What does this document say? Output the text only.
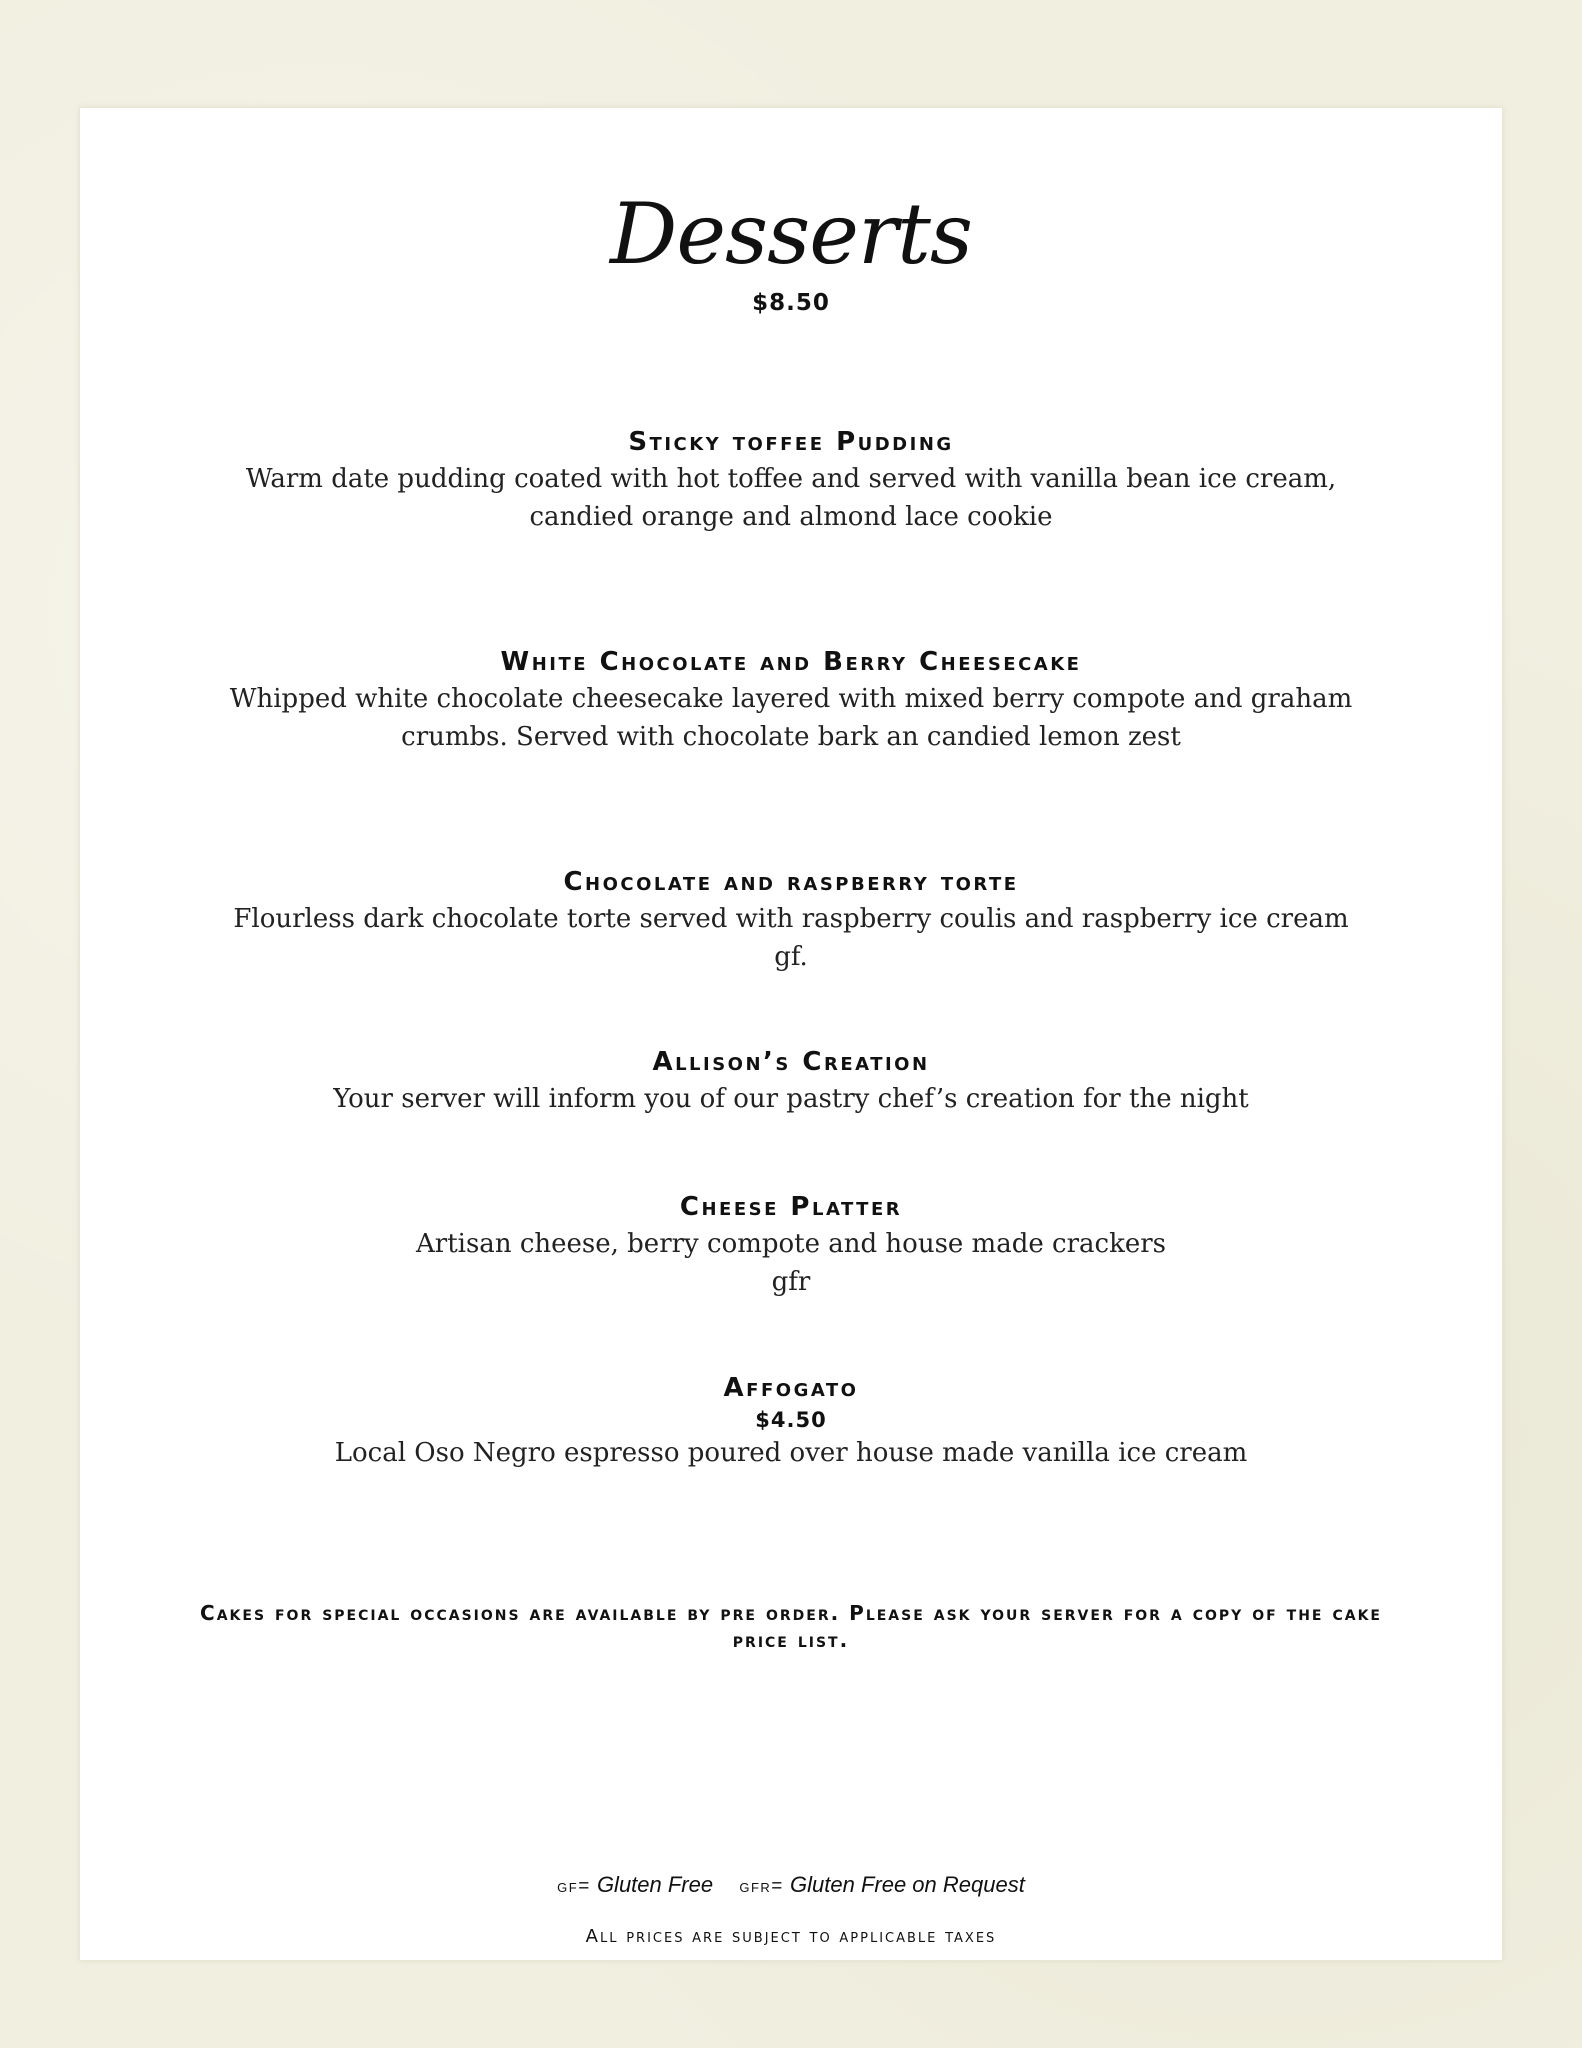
Desserts
$8.50
Sticky toffee Pudding
Warm date pudding coated with hot toffee and served with vanilla bean ice cream, candied orange and almond lace cookie
White Chocolate and Berry Cheesecake
Whipped white chocolate cheesecake layered with mixed berry compote and graham crumbs. Served with chocolate bark an candied lemon zest
Chocolate and raspberry torte
Flourless dark chocolate torte served with raspberry coulis and raspberry ice cream
gf.
Allison’s Creation
Your server will inform you of our pastry chef’s creation for the night
Cheese Platter
Artisan cheese, berry compote and house made crackers
gfr
Affogato
$4.50
Local Oso Negro espresso poured over house made vanilla ice cream
Cakes for special occasions are available by pre order. Please ask your server for a copy of the cake price list.
gf= Gluten Free gfr= Gluten Free on Request
All prices are subject to applicable taxes
